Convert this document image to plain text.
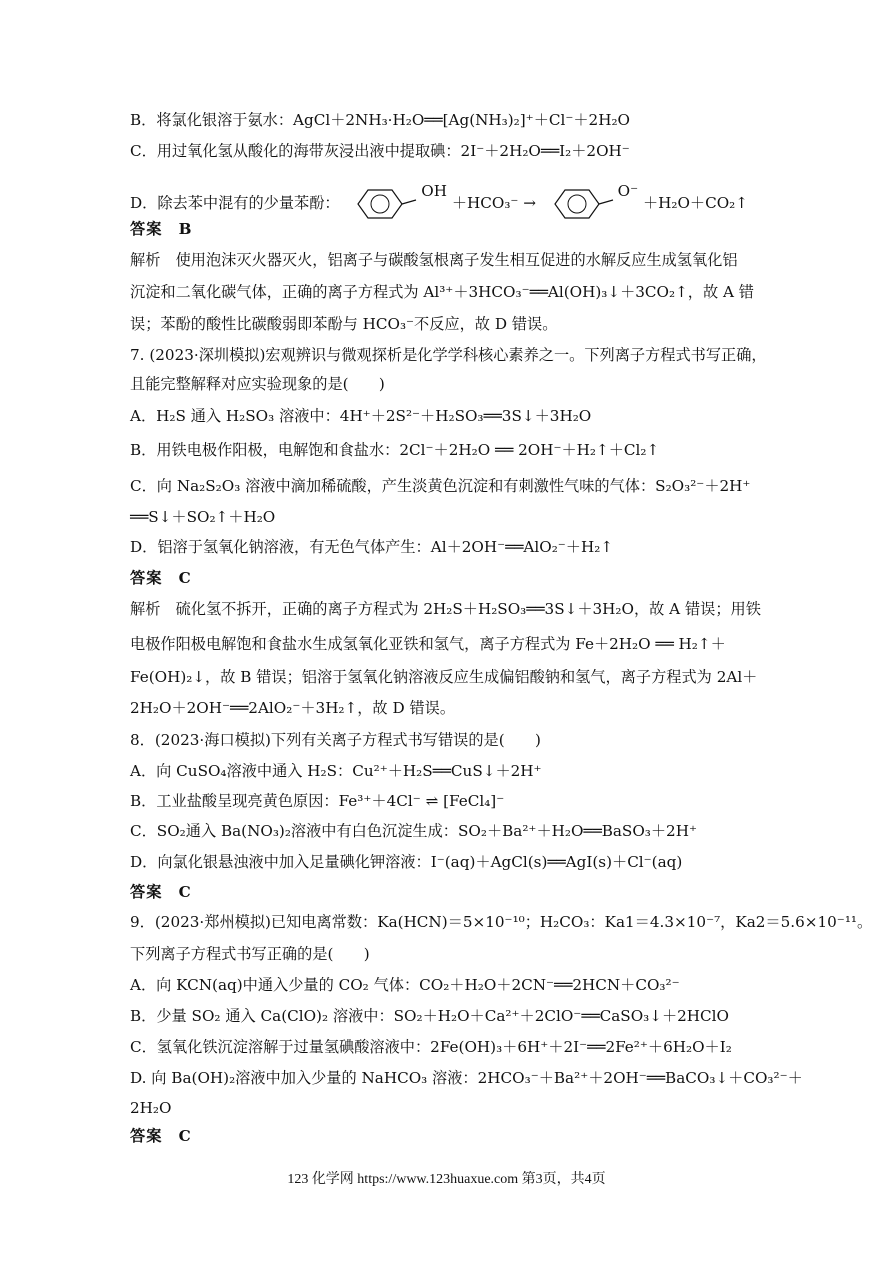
B．将氯化银溶于氨水：AgCl＋2NH₃·H₂O══[Ag(NH₃)₂]⁺＋Cl⁻＋2H₂O
C．用过氧化氢从酸化的海带灰浸出液中提取碘：2I⁻＋2H₂O══I₂＋2OH⁻
D．除去苯中混有的少量苯酚：  OH ＋HCO₃⁻ →  O⁻ ＋H₂O＋CO₂↑
答案　B
解析　使用泡沫灭火器灭火，铝离子与碳酸氢根离子发生相互促进的水解反应生成氢氧化铝
沉淀和二氧化碳气体，正确的离子方程式为 Al³⁺＋3HCO₃⁻══Al(OH)₃↓＋3CO₂↑，故 A 错
误；苯酚的酸性比碳酸弱即苯酚与 HCO₃⁻不反应，故 D 错误。
7. (2023·深圳模拟)宏观辨识与微观探析是化学学科核心素养之一。下列离子方程式书写正确，
且能完整解释对应实验现象的是(　　)
A．H₂S 通入 H₂SO₃ 溶液中：4H⁺＋2S²⁻＋H₂SO₃══3S↓＋3H₂O
B．用铁电极作阳极，电解饱和食盐水：2Cl⁻＋2H₂O ══ 2OH⁻＋H₂↑＋Cl₂↑
C．向 Na₂S₂O₃ 溶液中滴加稀硫酸，产生淡黄色沉淀和有刺激性气味的气体：S₂O₃²⁻＋2H⁺
══S↓＋SO₂↑＋H₂O
D．铝溶于氢氧化钠溶液，有无色气体产生：Al＋2OH⁻══AlO₂⁻＋H₂↑
答案　C
解析　硫化氢不拆开，正确的离子方程式为 2H₂S＋H₂SO₃══3S↓＋3H₂O，故 A 错误；用铁
电极作阳极电解饱和食盐水生成氢氧化亚铁和氢气，离子方程式为 Fe＋2H₂O ══ H₂↑＋
Fe(OH)₂↓，故 B 错误；铝溶于氢氧化钠溶液反应生成偏铝酸钠和氢气，离子方程式为 2Al＋
2H₂O＋2OH⁻══2AlO₂⁻＋3H₂↑，故 D 错误。
8．(2023·海口模拟)下列有关离子方程式书写错误的是(　　)
A．向 CuSO₄溶液中通入 H₂S：Cu²⁺＋H₂S══CuS↓＋2H⁺
B．工业盐酸呈现亮黄色原因：Fe³⁺＋4Cl⁻ ⇌ [FeCl₄]⁻
C．SO₂通入 Ba(NO₃)₂溶液中有白色沉淀生成：SO₂＋Ba²⁺＋H₂O══BaSO₃＋2H⁺
D．向氯化银悬浊液中加入足量碘化钾溶液：I⁻(aq)＋AgCl(s)══AgI(s)＋Cl⁻(aq)
答案　C
9．(2023·郑州模拟)已知电离常数：Ka(HCN)＝5×10⁻¹⁰；H₂CO₃：Ka1＝4.3×10⁻⁷，Ka2＝5.6×10⁻¹¹。
下列离子方程式书写正确的是(　　)
A．向 KCN(aq)中通入少量的 CO₂ 气体：CO₂＋H₂O＋2CN⁻══2HCN＋CO₃²⁻
B．少量 SO₂ 通入 Ca(ClO)₂ 溶液中：SO₂＋H₂O＋Ca²⁺＋2ClO⁻══CaSO₃↓＋2HClO
C．氢氧化铁沉淀溶解于过量氢碘酸溶液中：2Fe(OH)₃＋6H⁺＋2I⁻══2Fe²⁺＋6H₂O＋I₂
D. 向 Ba(OH)₂溶液中加入少量的 NaHCO₃ 溶液：2HCO₃⁻＋Ba²⁺＋2OH⁻══BaCO₃↓＋CO₃²⁻＋
2H₂O
答案　C
123 化学网 https://www.123huaxue.com 第3页，共4页
